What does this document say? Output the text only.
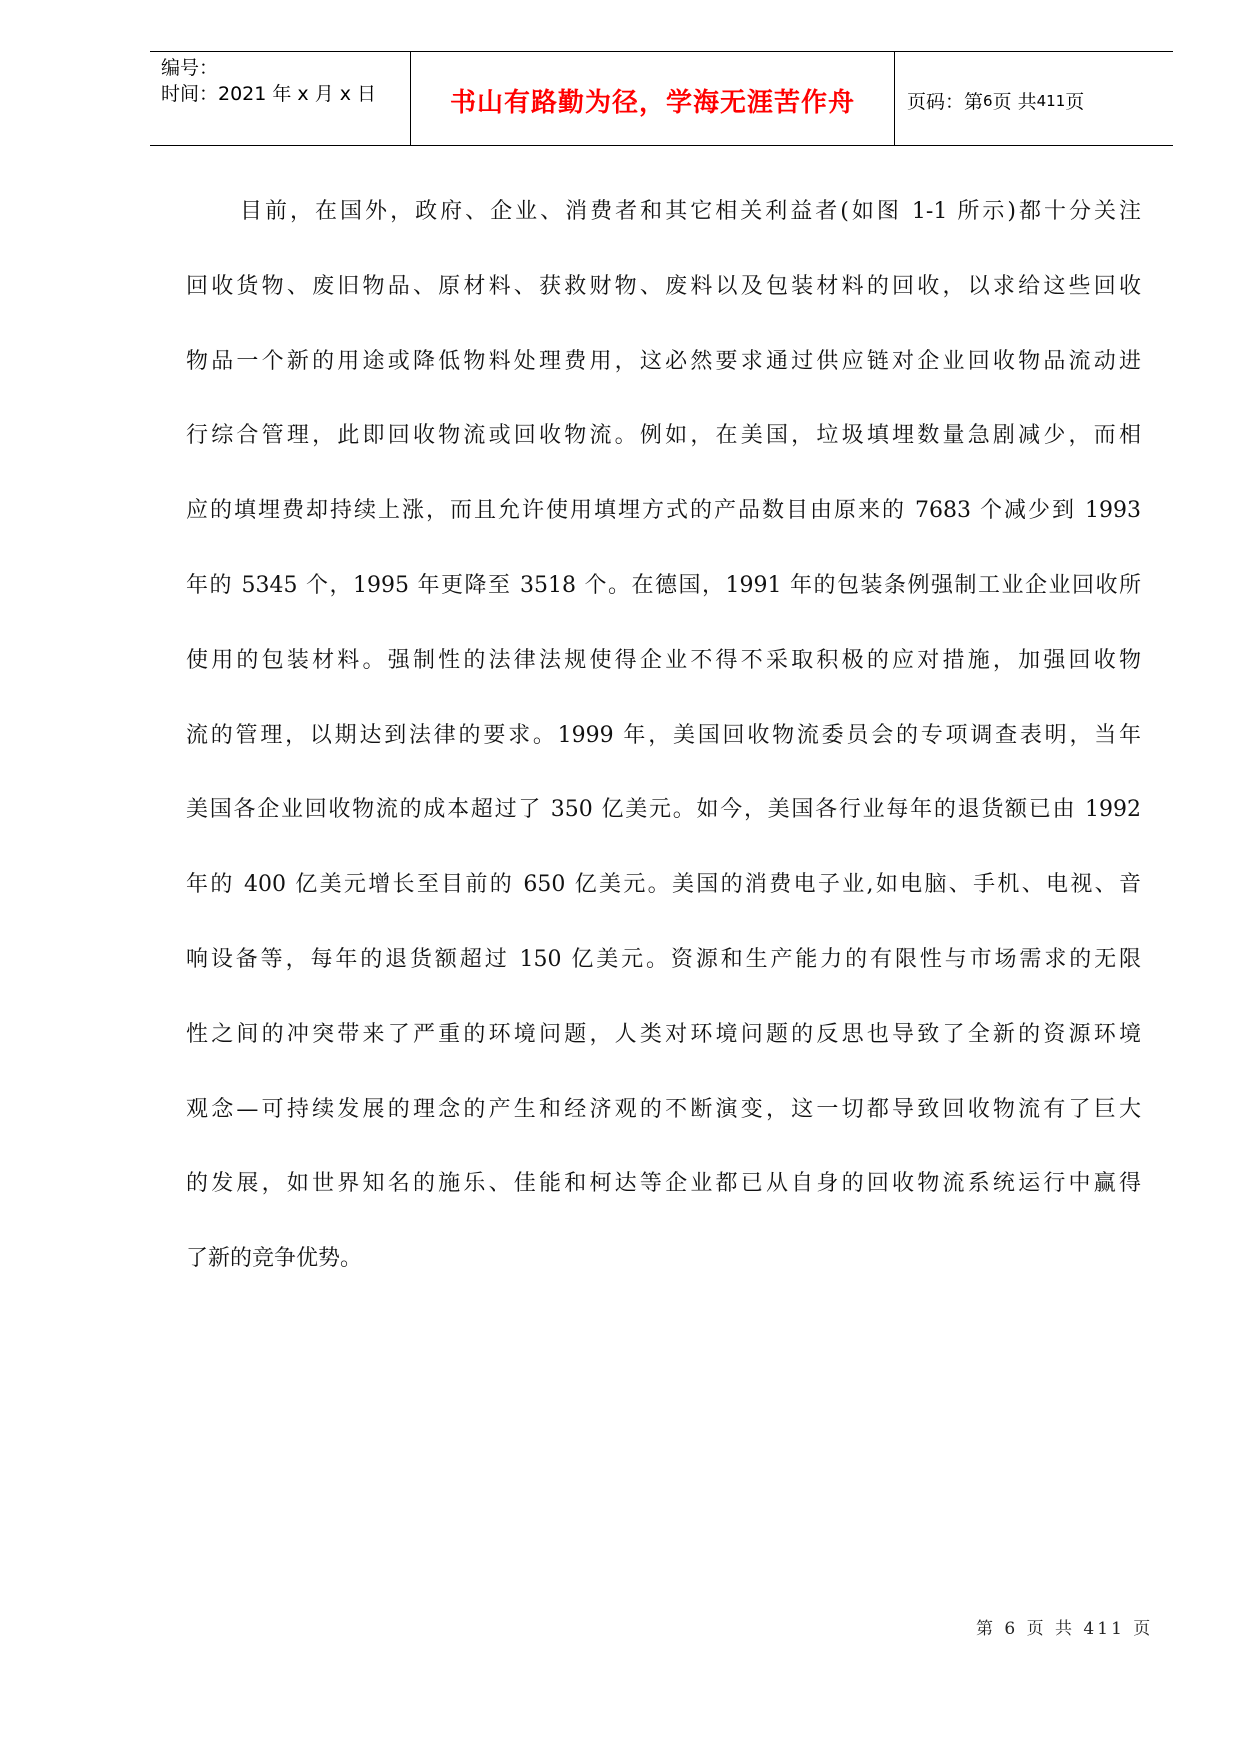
编号：
时间：2021 年 x 月 x 日	书山有路勤为径，学海无涯苦作舟	页码：第 6 页 共 411 页
目前，在国外，政府、企业、消费者和其它相关利益者(如图 1-1 所示)都十分关注
回收货物、废旧物品、原材料、获救财物、废料以及包装材料的回收，以求给这些回收
物品一个新的用途或降低物料处理费用，这必然要求通过供应链对企业回收物品流动进
行综合管理，此即回收物流或回收物流。例如，在美国，垃圾填埋数量急剧减少，而相
应的填埋费却持续上涨，而且允许使用填埋方式的产品数目由原来的 7683 个减少到 1993
年的 5345 个，1995 年更降至 3518 个。在德国，1991 年的包装条例强制工业企业回收所
使用的包装材料。强制性的法律法规使得企业不得不采取积极的应对措施，加强回收物
流的管理，以期达到法律的要求。1999 年，美国回收物流委员会的专项调查表明，当年
美国各企业回收物流的成本超过了 350 亿美元。如今，美国各行业每年的退货额已由 1992
年的 400 亿美元增长至目前的 650 亿美元。美国的消费电子业,如电脑、手机、电视、音
响设备等，每年的退货额超过 150 亿美元。资源和生产能力的有限性与市场需求的无限
性之间的冲突带来了严重的环境问题，人类对环境问题的反思也导致了全新的资源环境
观念—可持续发展的理念的产生和经济观的不断演变，这一切都导致回收物流有了巨大
的发展，如世界知名的施乐、佳能和柯达等企业都已从自身的回收物流系统运行中赢得
了新的竞争优势。
第 6 页 共 411 页
